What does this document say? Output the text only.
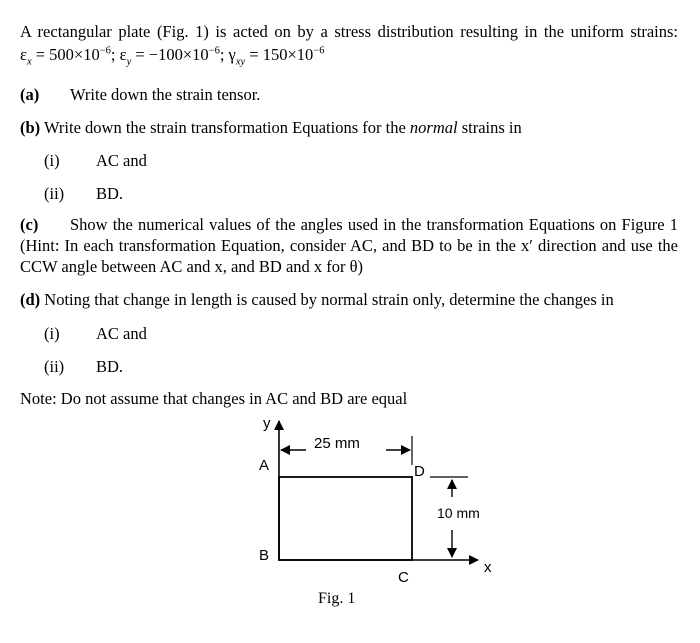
A rectangular plate (Fig. 1) is acted on by a stress distribution resulting in the uniform strains:
$\varepsilon_x = 500\times 10^{-6}$; $\varepsilon_y = -100\times 10^{-6}$; $\gamma_{xy} = 150\times 10^{-6}$
(a) Write down the strain tensor.
(b) Write down the strain transformation Equations for the normal strains in
(i) AC and
(ii) BD.
(c) Show the numerical values of the angles used in the transformation Equations on Figure 1
(Hint: In each transformation Equation, consider AC, and BD to be in the x′ direction and use the
CCW angle between AC and x, and BD and x for θ)
(d) Noting that change in length is caused by normal strain only, determine the changes in
(i) AC and
(ii) BD.
Note: Do not assume that changes in AC and BD are equal
y
x
25 mm
10 mm
A
B
C
D
Fig. 1
